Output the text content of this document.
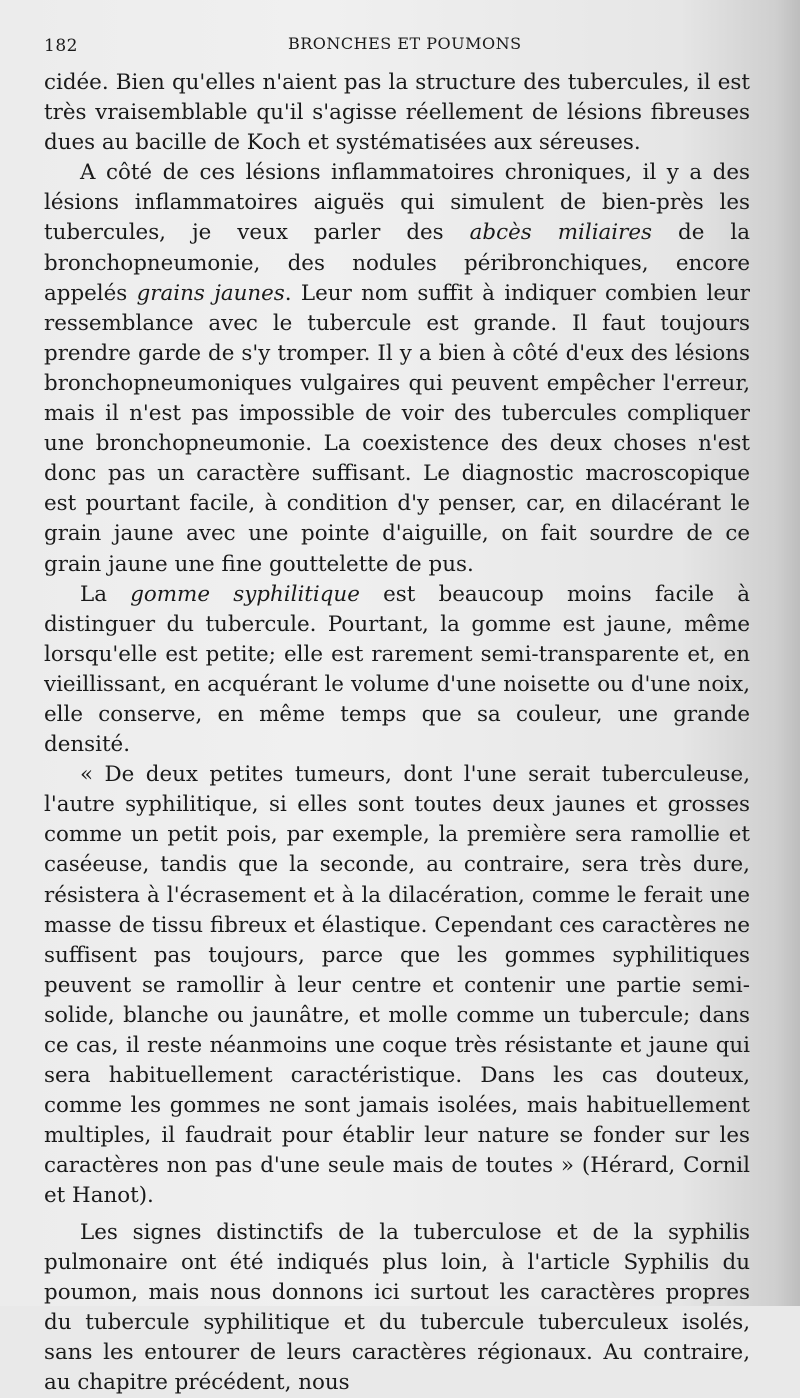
182	BRONCHES ET POUMONS

cidée. Bien qu'elles n'aient pas la structure des tubercules, il est très vraisemblable qu'il s'agisse réellement de lésions fibreuses dues au bacille de Koch et systématisées aux séreuses.

A côté de ces lésions inflammatoires chroniques, il y a des lésions inflammatoires aiguës qui simulent de bien-près les tubercules, je veux parler des abcès miliaires de la bronchopneumonie, des nodules péribronchiques, encore appelés grains jaunes. Leur nom suffit à indiquer combien leur ressemblance avec le tubercule est grande. Il faut toujours prendre garde de s'y tromper. Il y a bien à côté d'eux des lésions bronchopneumoniques vulgaires qui peuvent empêcher l'erreur, mais il n'est pas impossible de voir des tubercules compliquer une bronchopneumonie. La coexistence des deux choses n'est donc pas un caractère suffisant. Le diagnostic macroscopique est pourtant facile, à condition d'y penser, car, en dilacérant le grain jaune avec une pointe d'aiguille, on fait sourdre de ce grain jaune une fine gouttelette de pus.

La gomme syphilitique est beaucoup moins facile à distinguer du tubercule. Pourtant, la gomme est jaune, même lorsqu'elle est petite; elle est rarement semi-transparente et, en vieillissant, en acquérant le volume d'une noisette ou d'une noix, elle conserve, en même temps que sa couleur, une grande densité.

« De deux petites tumeurs, dont l'une serait tuberculeuse, l'autre syphilitique, si elles sont toutes deux jaunes et grosses comme un petit pois, par exemple, la première sera ramollie et caséeuse, tandis que la seconde, au contraire, sera très dure, résistera à l'écrasement et à la dilacération, comme le ferait une masse de tissu fibreux et élastique. Cependant ces caractères ne suffisent pas toujours, parce que les gommes syphilitiques peuvent se ramollir à leur centre et contenir une partie semi-solide, blanche ou jaunâtre, et molle comme un tubercule; dans ce cas, il reste néanmoins une coque très résistante et jaune qui sera habituellement caractéristique. Dans les cas douteux, comme les gommes ne sont jamais isolées, mais habituellement multiples, il faudrait pour établir leur nature se fonder sur les caractères non pas d'une seule mais de toutes » (Hérard, Cornil et Hanot).

Les signes distinctifs de la tuberculose et de la syphilis pulmonaire ont été indiqués plus loin, à l'article Syphilis du poumon, mais nous donnons ici surtout les caractères propres du tubercule syphilitique et du tubercule tuberculeux isolés, sans les entourer de leurs caractères régionaux. Au contraire, au chapitre précédent, nous
